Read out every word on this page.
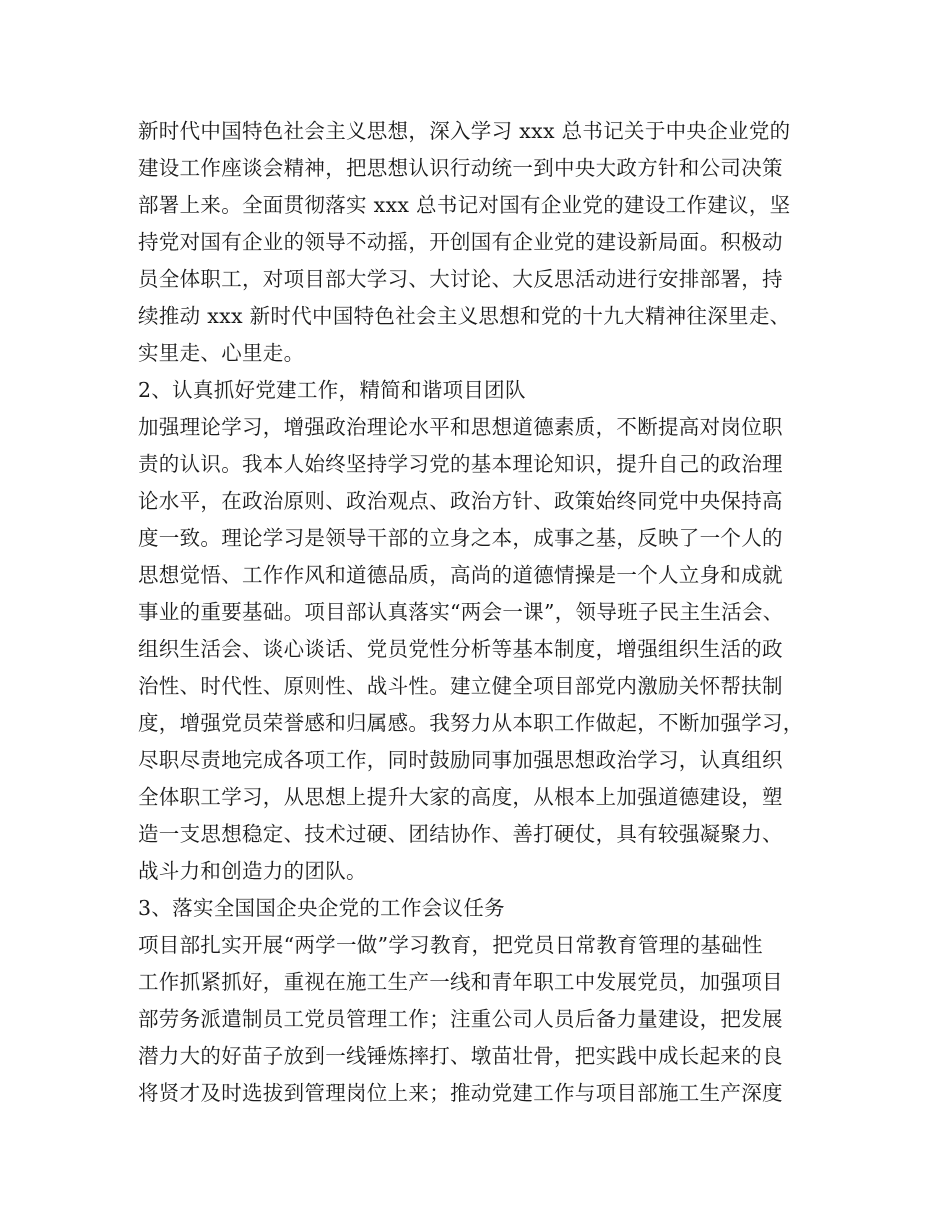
新时代中国特色社会主义思想，深入学习 xxx 总书记关于中央企业党的
建设工作座谈会精神，把思想认识行动统一到中央大政方针和公司决策
部署上来。全面贯彻落实 xxx 总书记对国有企业党的建设工作建议，坚
持党对国有企业的领导不动摇，开创国有企业党的建设新局面。积极动
员全体职工，对项目部大学习、大讨论、大反思活动进行安排部署，持
续推动 xxx 新时代中国特色社会主义思想和党的十九大精神往深里走、
实里走、心里走。
2、认真抓好党建工作，精简和谐项目团队
加强理论学习，增强政治理论水平和思想道德素质，不断提高对岗位职
责的认识。我本人始终坚持学习党的基本理论知识，提升自己的政治理
论水平，在政治原则、政治观点、政治方针、政策始终同党中央保持高
度一致。理论学习是领导干部的立身之本，成事之基，反映了一个人的
思想觉悟、工作作风和道德品质，高尚的道德情操是一个人立身和成就
事业的重要基础。项目部认真落实“两会一课”，领导班子民主生活会、
组织生活会、谈心谈话、党员党性分析等基本制度，增强组织生活的政
治性、时代性、原则性、战斗性。建立健全项目部党内激励关怀帮扶制
度，增强党员荣誉感和归属感。我努力从本职工作做起，不断加强学习，
尽职尽责地完成各项工作，同时鼓励同事加强思想政治学习，认真组织
全体职工学习，从思想上提升大家的高度，从根本上加强道德建设，塑
造一支思想稳定、技术过硬、团结协作、善打硬仗，具有较强凝聚力、
战斗力和创造力的团队。
3、落实全国国企央企党的工作会议任务
项目部扎实开展“两学一做”学习教育，把党员日常教育管理的基础性
工作抓紧抓好，重视在施工生产一线和青年职工中发展党员，加强项目
部劳务派遣制员工党员管理工作；注重公司人员后备力量建设，把发展
潜力大的好苗子放到一线锤炼摔打、墩苗壮骨，把实践中成长起来的良
将贤才及时选拔到管理岗位上来；推动党建工作与项目部施工生产深度
